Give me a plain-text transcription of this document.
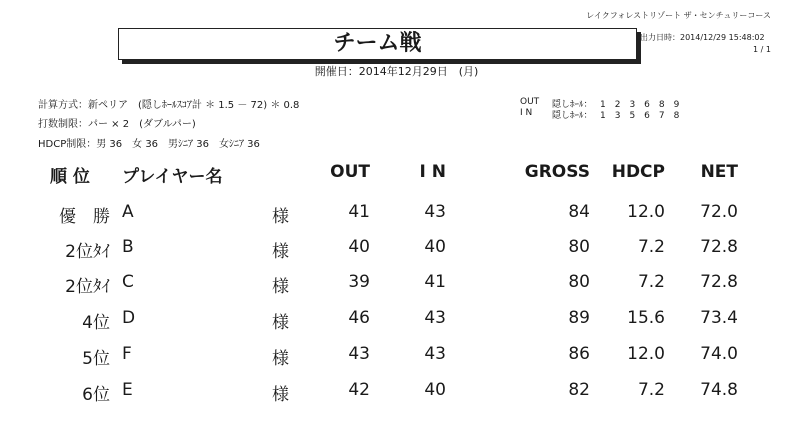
レイクフォレストリゾート ザ・センチュリーコース
チーム戦	出力日時：2014/12/29 15:48:02
1 / 1
開催日：2014年12月29日　(月)
計算方式：新ペリア　(隠しﾎｰﾙｽｺｱ計 ＊ 1.5 － 72) ＊ 0.8
打数制限：パー × 2　(ダブルパー)
HDCP制限：男 36　女 36　男ｼﾆｱ 36　女ｼﾆｱ 36
OUT 隠しﾎｰﾙ： 1　2　3　6　8　9
I N 隠しﾎｰﾙ： 1　3　5　6　7　8
順 位 プレイヤー名	OUT	I N	GROSS	HDCP	NET
優　勝 A	様	41	43	84	12.0	72.0
2位ﾀｲ B	様	40	40	80	7.2	72.8
2位ﾀｲ C	様	39	41	80	7.2	72.8
4位 D	様	46	43	89	15.6	73.4
5位 F	様	43	43	86	12.0	74.0
6位 E	様	42	40	82	7.2	74.8
